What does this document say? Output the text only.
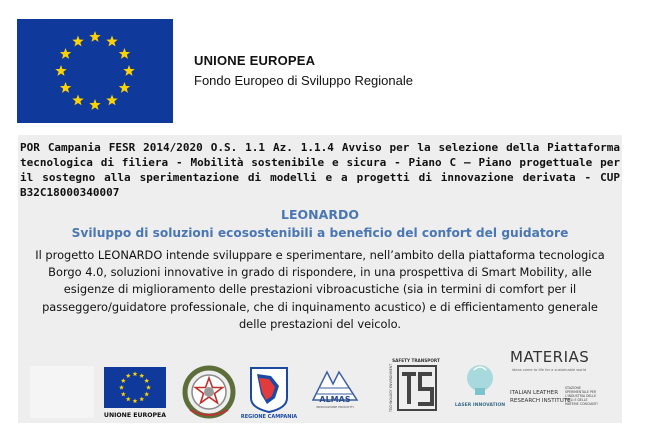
UNIONE EUROPEA
Fondo Europeo di Sviluppo Regionale
POR Campania FESR 2014/2020 O.S. 1.1 Az. 1.1.4 Avviso per la selezione della Piattaforma tecnologica di filiera - Mobilità sostenibile e sicura - Piano C – Piano progettuale per il sostegno alla sperimentazione di modelli e a progetti di innovazione derivata - CUP B32C18000340007
LEONARDO
Sviluppo di soluzioni ecosostenibili a beneficio del confort del guidatore
Il progetto LEONARDO intende sviluppare e sperimentare, nell’ambito della piattaforma tecnologica Borgo 4.0, soluzioni innovative in grado di rispondere, in una prospettiva di Smart Mobility, alle esigenze di miglioramento delle prestazioni vibroacustiche (sia in termini di comfort per il passeggero/guidatore professionale, che di inquinamento acustico) e di efficientamento generale delle prestazioni del veicolo.
UNIONE EUROPEA	REGIONE CAMPANIA
ALMAS
INNOVAZIONE PRODOTTI
SAFETY TRANSPORT
TECHNOLOGY ENVIRONMENT	LASER INNOVATION
MATERIAS
ideas come to life for a sustainable world
ITALIAN LEATHER
RESEARCH INSTITUTE
STAZIONE SPERIMENTALE PER L'INDUSTRIA DELLE PELLI E DELLE MATERIE CONCIANTI
